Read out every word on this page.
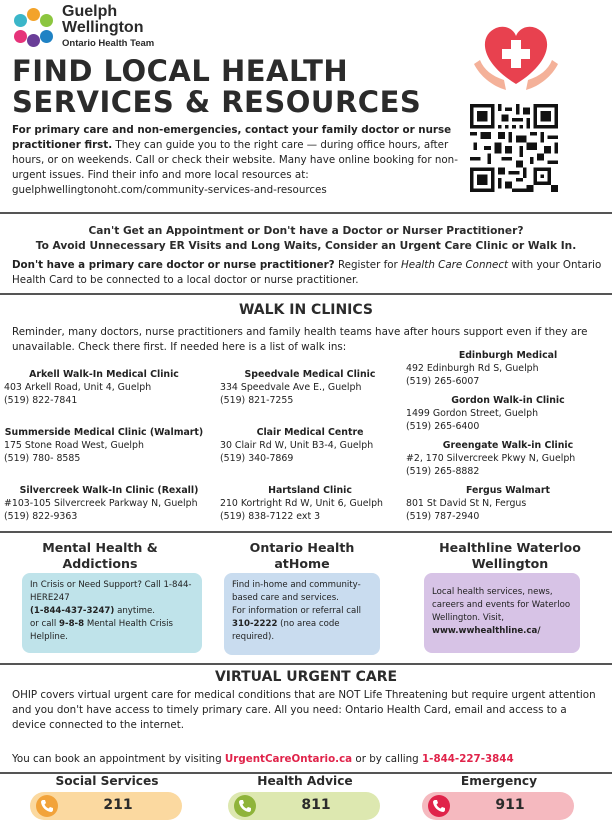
Guelph
Wellington
Ontario Health Team
FIND LOCAL HEALTH
SERVICES & RESOURCES
For primary care and non-emergencies, contact your family doctor or nurse practitioner first. They can guide you to the right care — during office hours, after hours, or on weekends. Call or check their website. Many have online booking for non-urgent issues. Find their info and more local resources at: guelphwellingtonoht.com/community-services-and-resources
Can't Get an Appointment or Don't have a Doctor or Nurser Practitioner?
To Avoid Unnecessary ER Visits and Long Waits, Consider an Urgent Care Clinic or Walk In.
Don't have a primary care doctor or nurse practitioner? Register for Health Care Connect with your Ontario Health Card to be connected to a local doctor or nurse practitioner.
WALK IN CLINICS
Reminder, many doctors, nurse practitioners and family health teams have after hours support even if they are unavailable. Check there first. If needed here is a list of walk ins:
Arkell Walk-In Medical Clinic
403 Arkell Road, Unit 4, Guelph
(519) 822-7841
Summerside Medical Clinic (Walmart)
175 Stone Road West, Guelph
(519) 780- 8585
Silvercreek Walk-In Clinic (Rexall)
#103-105 Silvercreek Parkway N, Guelph
(519) 822-9363
Speedvale Medical Clinic
334 Speedvale Ave E., Guelph
(519) 821-7255
Clair Medical Centre
30 Clair Rd W, Unit B3-4, Guelph
(519) 340-7869
Hartsland Clinic
210 Kortright Rd W, Unit 6, Guelph
(519) 838-7122 ext 3
Edinburgh Medical
492 Edinburgh Rd S, Guelph
(519) 265-6007
Gordon Walk-in Clinic
1499 Gordon Street, Guelph
(519) 265-6400
Greengate Walk-in Clinic
#2, 170 Silvercreek Pkwy N, Guelph
(519) 265-8882
Fergus Walmart
801 St David St N, Fergus
(519) 787-2940
Mental Health &
Addictions
In Crisis or Need Support? Call 1-844-HERE247
(1-844-437-3247) anytime.
or call 9-8-8 Mental Health Crisis Helpline.
Ontario Health
atHome
Find in-home and community-based care and services.
For information or referral call 310-2222 (no area code required).
Healthline Waterloo
Wellington
Local health services, news, careers and events for Waterloo Wellington. Visit, www.wwhealthline.ca/
VIRTUAL URGENT CARE
OHIP covers virtual urgent care for medical conditions that are NOT Life Threatening but require urgent attention and you don't have access to timely primary care. All you need: Ontario Health Card, email and access to a device connected to the internet.
You can book an appointment by visiting UrgentCareOntario.ca or by calling 1-844-227-3844
Social Services
211
Health Advice
811
Emergency
911
